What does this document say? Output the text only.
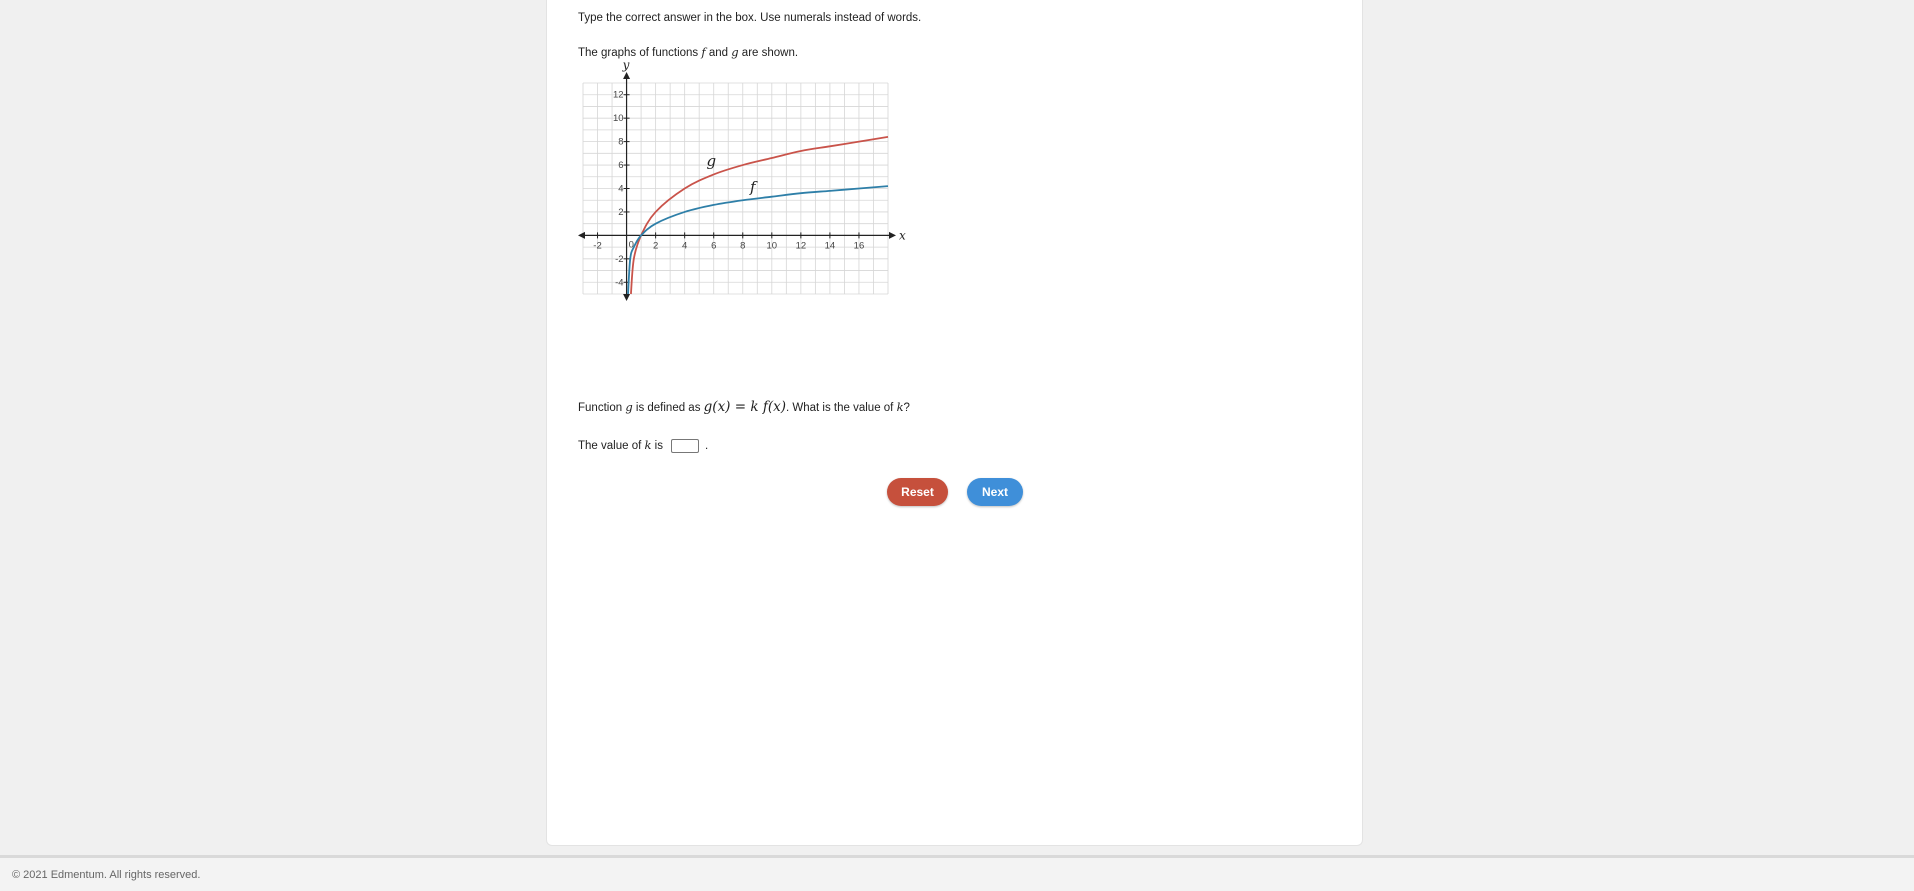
Type the correct answer in the box. Use numerals instead of words.
The graphs of functions f and g are shown.
x
y
-2	2	4	6	8 10 12 14 16
-4
-2
2
4
6
8
10
12
0
g
f
Function g is defined as g(x) = k f(x). What is the value of k?
The value of k is	.
Reset	Next
© 2021 Edmentum. All rights reserved.
